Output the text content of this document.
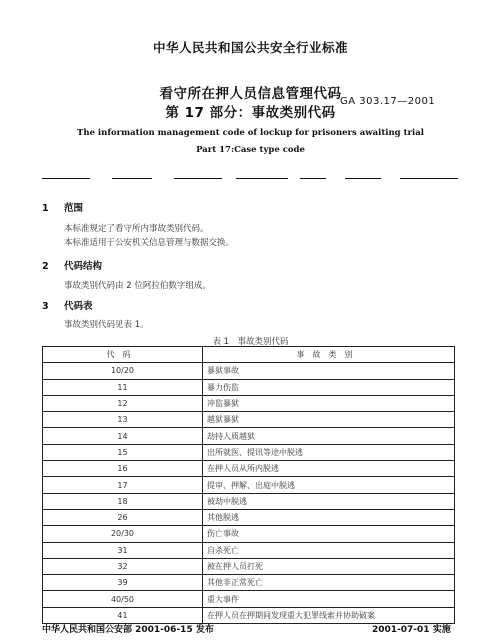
中华人民共和国公共安全行业标准
看守所在押人员信息管理代码
第 17 部分：事故类别代码
GA 303.17—2001
The information management code of lockup for prisoners awaiting trial
Part 17:Case type code
1 范围
本标准规定了看守所内事故类别代码。
本标准适用于公安机关信息管理与数据交换。
2 代码结构
事故类别代码由 2 位阿拉伯数字组成。
3 代码表
事故类别代码见表 1。
表 1　事故类别代码
代码	事故类别
10/20	暴狱事故
11	暴力伤监
12	冲监暴狱
13	越狱暴狱
14	劫持人质越狱
15	出所就医、提讯等途中脱逃
16	在押人员从所内脱逃
17	提审、押解、出庭中脱逃
18	被劫中脱逃
26	其他脱逃
20/30	伤亡事故
31	自杀死亡
32	被在押人员打死
39	其他非正常死亡
40/50	重大事件
41	在押人员在押期间发现重大犯罪线索并协助破案
中华人民共和国公安部 2001-06-15 发布	2001-07-01 实施
